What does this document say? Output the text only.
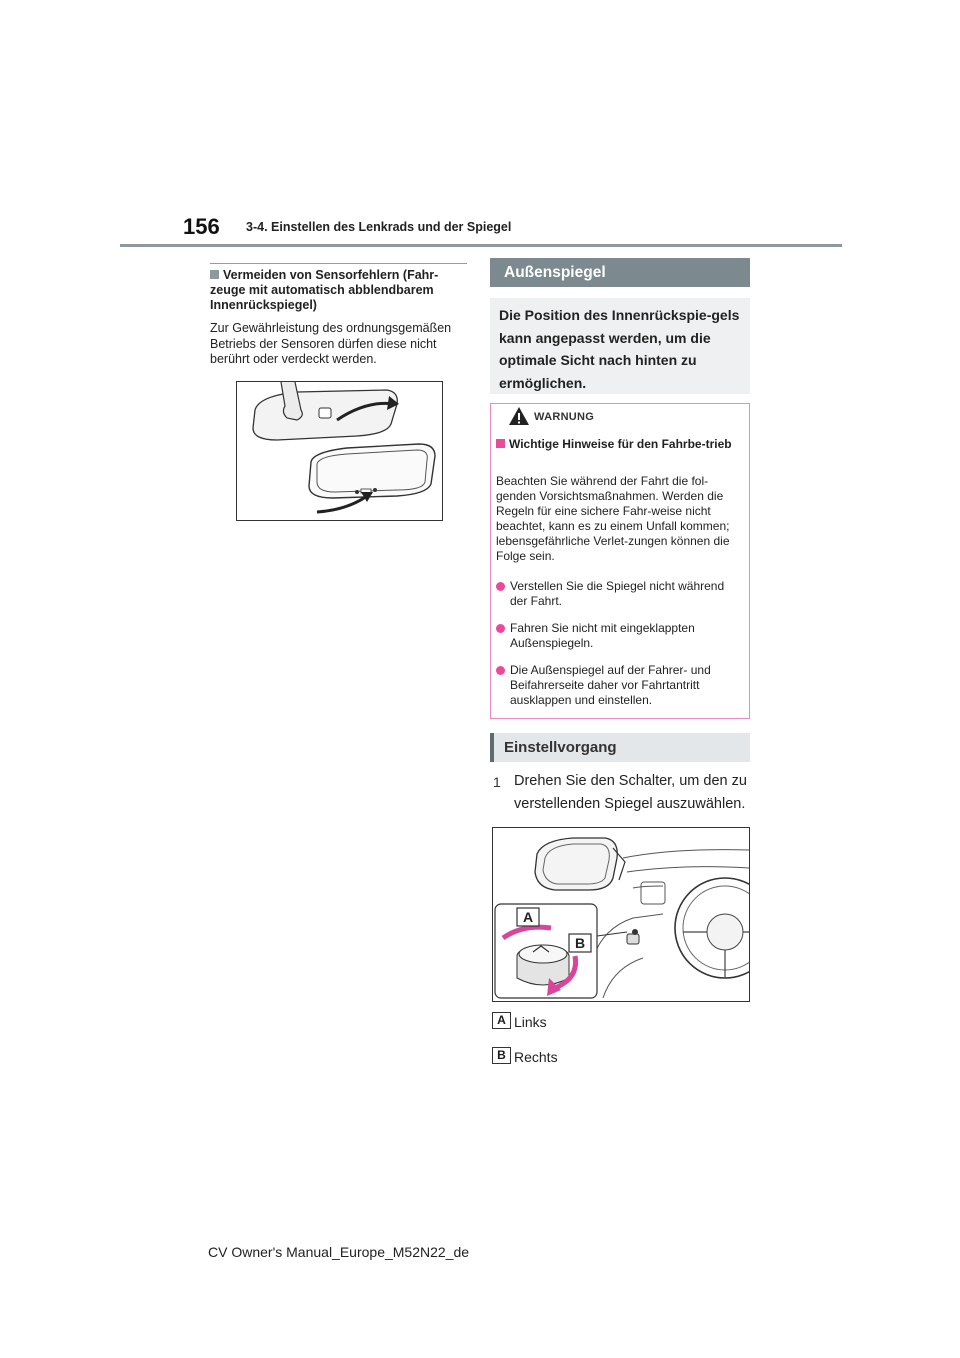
156 3-4. Einstellen des Lenkrads und der Spiegel
Vermeiden von Sensorfehlern (Fahr-zeuge mit automatisch abblendbarem Innenrückspiegel)
Zur Gewährleistung des ordnungsgemäßen Betriebs der Sensoren dürfen diese nicht berührt oder verdeckt werden.
Außenspiegel
Die Position des Innenrückspie-gels kann angepasst werden, um die optimale Sicht nach hinten zu ermöglichen.
WARNUNG
Wichtige Hinweise für den Fahrbe-trieb
Beachten Sie während der Fahrt die fol-genden Vorsichtsmaßnahmen. Werden die Regeln für eine sichere Fahr-weise nicht beachtet, kann es zu einem Unfall kommen; lebensgefährliche Verlet-zungen können die Folge sein.
Verstellen Sie die Spiegel nicht während der Fahrt.
Fahren Sie nicht mit eingeklappten Außenspiegeln.
Die Außenspiegel auf der Fahrer- und Beifahrerseite daher vor Fahrtantritt ausklappen und einstellen.
Einstellvorgang
1 Drehen Sie den Schalter, um den zu verstellenden Spiegel auszuwählen.
A
B
A Links
B Rechts
CV Owner's Manual_Europe_M52N22_de
